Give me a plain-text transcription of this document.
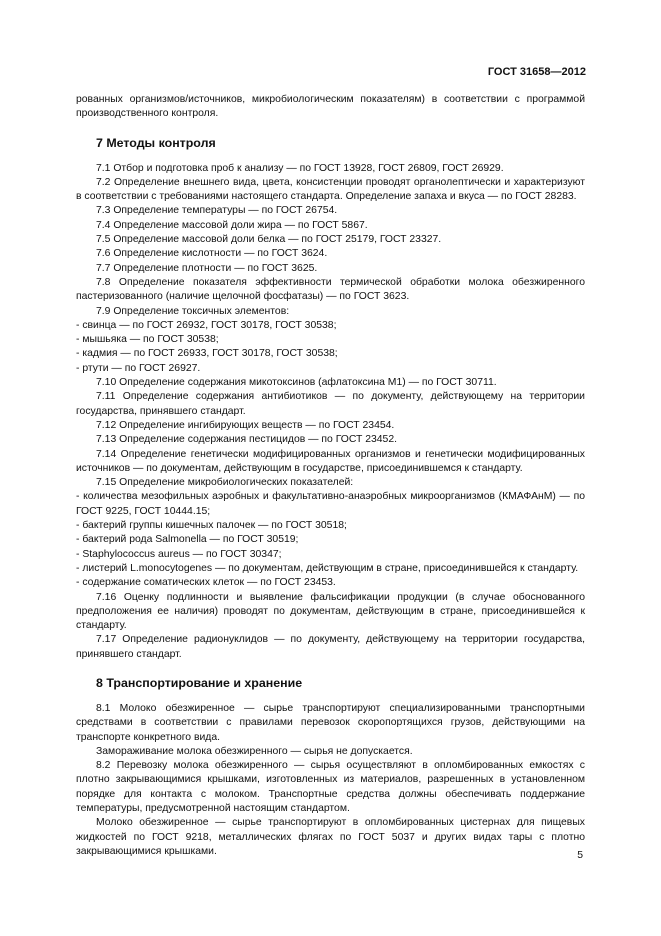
ГОСТ 31658—2012

рованных организмов/источников, микробиологическим показателям) в соответствии с программой производственного контроля.

7 Методы контроля

7.1 Отбор и подготовка проб к анализу — по ГОСТ 13928, ГОСТ 26809, ГОСТ 26929.

7.2 Определение внешнего вида, цвета, консистенции проводят органолептически и характеризуют в соответствии с требованиями настоящего стандарта. Определение запаха и вкуса — по ГОСТ 28283.

7.3 Определение температуры — по ГОСТ 26754.

7.4 Определение массовой доли жира — по ГОСТ 5867.

7.5 Определение массовой доли белка — по ГОСТ 25179, ГОСТ 23327.

7.6 Определение кислотности — по ГОСТ 3624.

7.7 Определение плотности — по ГОСТ 3625.

7.8 Определение показателя эффективности термической обработки молока обезжиренного пастеризованного (наличие щелочной фосфатазы) — по ГОСТ 3623.

7.9 Определение токсичных элементов:

- свинца — по ГОСТ 26932, ГОСТ 30178, ГОСТ 30538;

- мышьяка — по ГОСТ 30538;

- кадмия — по ГОСТ 26933, ГОСТ 30178, ГОСТ 30538;

- ртути — по ГОСТ 26927.

7.10 Определение содержания микотоксинов (афлатоксина M1) — по ГОСТ 30711.

7.11 Определение содержания антибиотиков — по документу, действующему на территории государства, принявшего стандарт.

7.12 Определение ингибирующих веществ — по ГОСТ 23454.

7.13 Определение содержания пестицидов — по ГОСТ 23452.

7.14 Определение генетически модифицированных организмов и генетически модифицированных источников — по документам, действующим в государстве, присоединившемся к стандарту.

7.15 Определение микробиологических показателей:

- количества мезофильных аэробных и факультативно-анаэробных микроорганизмов (КМАФАнМ) — по ГОСТ 9225, ГОСТ 10444.15;

- бактерий группы кишечных палочек — по ГОСТ 30518;

- бактерий рода Salmonella — по ГОСТ 30519;

- Staphylococcus aureus — по ГОСТ 30347;

- листерий L.monocytogenes — по документам, действующим в стране, присоединившейся к стандарту.

- содержание соматических клеток — по ГОСТ 23453.

7.16 Оценку подлинности и выявление фальсификации продукции (в случае обоснованного предположения ее наличия) проводят по документам, действующим в стране, присоединившейся к стандарту.

7.17 Определение радионуклидов — по документу, действующему на территории государства, принявшего стандарт.

8 Транспортирование и хранение

8.1 Молоко обезжиренное — сырье транспортируют специализированными транспортными средствами в соответствии с правилами перевозок скоропортящихся грузов, действующими на транспорте конкретного вида.

Замораживание молока обезжиренного — сырья не допускается.

8.2 Перевозку молока обезжиренного — сырья осуществляют в опломбированных емкостях с плотно закрывающимися крышками, изготовленных из материалов, разрешенных в установленном порядке для контакта с молоком. Транспортные средства должны обеспечивать поддержание температуры, предусмотренной настоящим стандартом.

Молоко обезжиренное — сырье транспортируют в опломбированных цистернах для пищевых жидкостей по ГОСТ 9218, металлических флягах по ГОСТ 5037 и других видах тары с плотно закрывающимися крышками.	5
